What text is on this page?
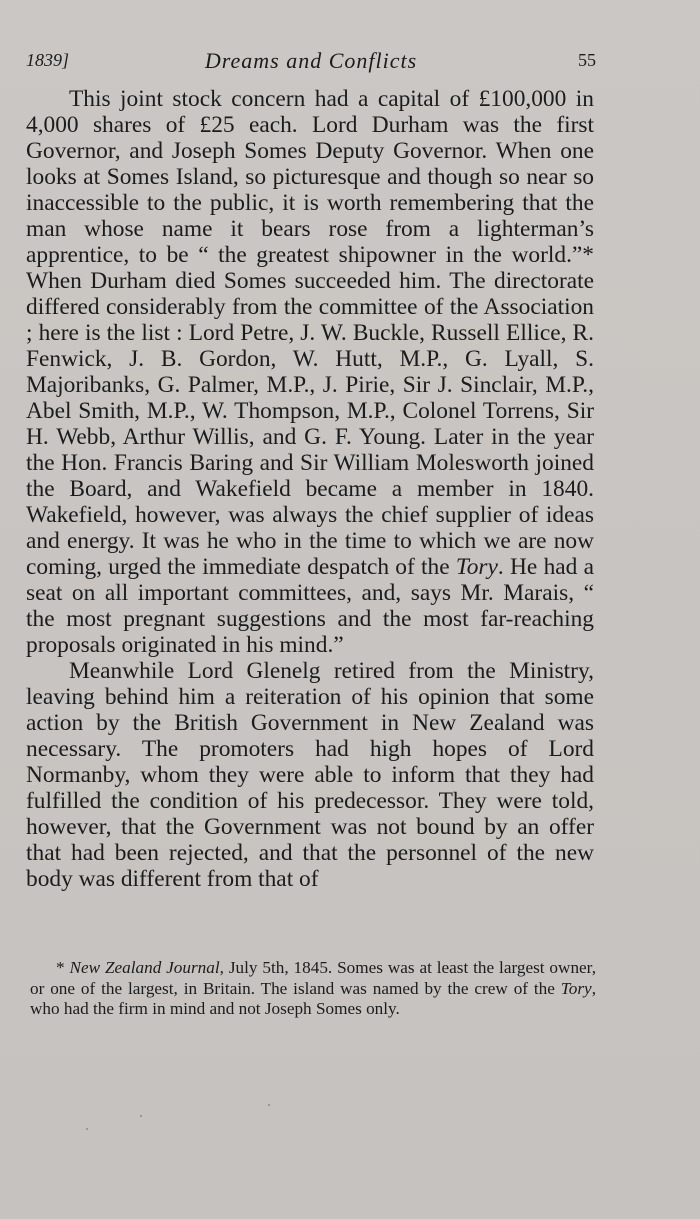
1839]	Dreams and Conflicts	55

This joint stock concern had a capital of £100,000 in 4,000 shares of £25 each. Lord Durham was the first Governor, and Joseph Somes Deputy Governor. When one looks at Somes Island, so picturesque and though so near so inaccessible to the public, it is worth remembering that the man whose name it bears rose from a lighterman’s apprentice, to be “ the greatest shipowner in the world.”* When Durham died Somes succeeded him. The directorate differed considerably from the committee of the Association ; here is the list : Lord Petre, J. W. Buckle, Russell Ellice, R. Fenwick, J. B. Gordon, W. Hutt, M.P., G. Lyall, S. Majoribanks, G. Palmer, M.P., J. Pirie, Sir J. Sinclair, M.P., Abel Smith, M.P., W. Thompson, M.P., Colonel Torrens, Sir H. Webb, Arthur Willis, and G. F. Young. Later in the year the Hon. Francis Baring and Sir William Molesworth joined the Board, and Wakefield became a member in 1840. Wakefield, however, was always the chief supplier of ideas and energy. It was he who in the time to which we are now coming, urged the immediate despatch of the Tory. He had a seat on all important committees, and, says Mr. Marais, “ the most pregnant suggestions and the most far-reaching proposals originated in his mind.”

Meanwhile Lord Glenelg retired from the Ministry, leaving behind him a reiteration of his opinion that some action by the British Government in New Zealand was necessary. The promoters had high hopes of Lord Normanby, whom they were able to inform that they had fulfilled the condition of his predecessor. They were told, however, that the Government was not bound by an offer that had been rejected, and that the personnel of the new body was different from that of

* New Zealand Journal, July 5th, 1845. Somes was at least the largest owner, or one of the largest, in Britain. The island was named by the crew of the Tory, who had the firm in mind and not Joseph Somes only.
